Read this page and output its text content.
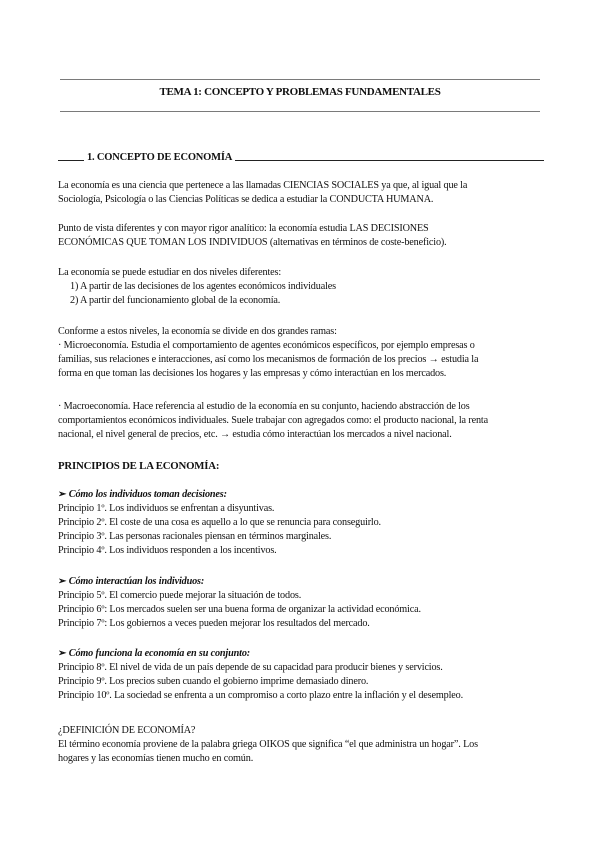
TEMA 1: CONCEPTO Y PROBLEMAS FUNDAMENTALES
1. CONCEPTO DE ECONOMÍA
La economía es una ciencia que pertenece a las llamadas CIENCIAS SOCIALES ya que, al igual que la
Sociología, Psicología o las Ciencias Políticas se dedica a estudiar la CONDUCTA HUMANA.
Punto de vista diferentes y con mayor rigor analítico: la economía estudia LAS DECISIONES
ECONÓMICAS QUE TOMAN LOS INDIVIDUOS (alternativas en términos de coste-beneficio).
La economía se puede estudiar en dos niveles diferentes:
1) A partir de las decisiones de los agentes económicos individuales
2) A partir del funcionamiento global de la economía.
Conforme a estos niveles, la economía se divide en dos grandes ramas:
· Microeconomía. Estudia el comportamiento de agentes económicos específicos, por ejemplo empresas o
familias, sus relaciones e interacciones, así como los mecanismos de formación de los precios → estudia la
forma en que toman las decisiones los hogares y las empresas y cómo interactúan en los mercados.
· Macroeconomía. Hace referencia al estudio de la economía en su conjunto, haciendo abstracción de los
comportamientos económicos individuales. Suele trabajar con agregados como: el producto nacional, la renta
nacional, el nivel general de precios, etc. → estudia cómo interactúan los mercados a nivel nacional.
PRINCIPIOS DE LA ECONOMÍA:
➢ Cómo los individuos toman decisiones:
Principio 1º. Los individuos se enfrentan a disyuntivas.
Principio 2º. El coste de una cosa es aquello a lo que se renuncia para conseguirlo.
Principio 3º. Las personas racionales piensan en términos marginales.
Principio 4º. Los individuos responden a los incentivos.
➢ Cómo interactúan los individuos:
Principio 5º. El comercio puede mejorar la situación de todos.
Principio 6º: Los mercados suelen ser una buena forma de organizar la actividad económica.
Principio 7º: Los gobiernos a veces pueden mejorar los resultados del mercado.
➢ Cómo funciona la economía en su conjunto:
Principio 8º. El nivel de vida de un país depende de su capacidad para producir bienes y servicios.
Principio 9º. Los precios suben cuando el gobierno imprime demasiado dinero.
Principio 10º. La sociedad se enfrenta a un compromiso a corto plazo entre la inflación y el desempleo.
¿DEFINICIÓN DE ECONOMÍA?
El término economía proviene de la palabra griega OIKOS que significa “el que administra un hogar”. Los
hogares y las economías tienen mucho en común.
